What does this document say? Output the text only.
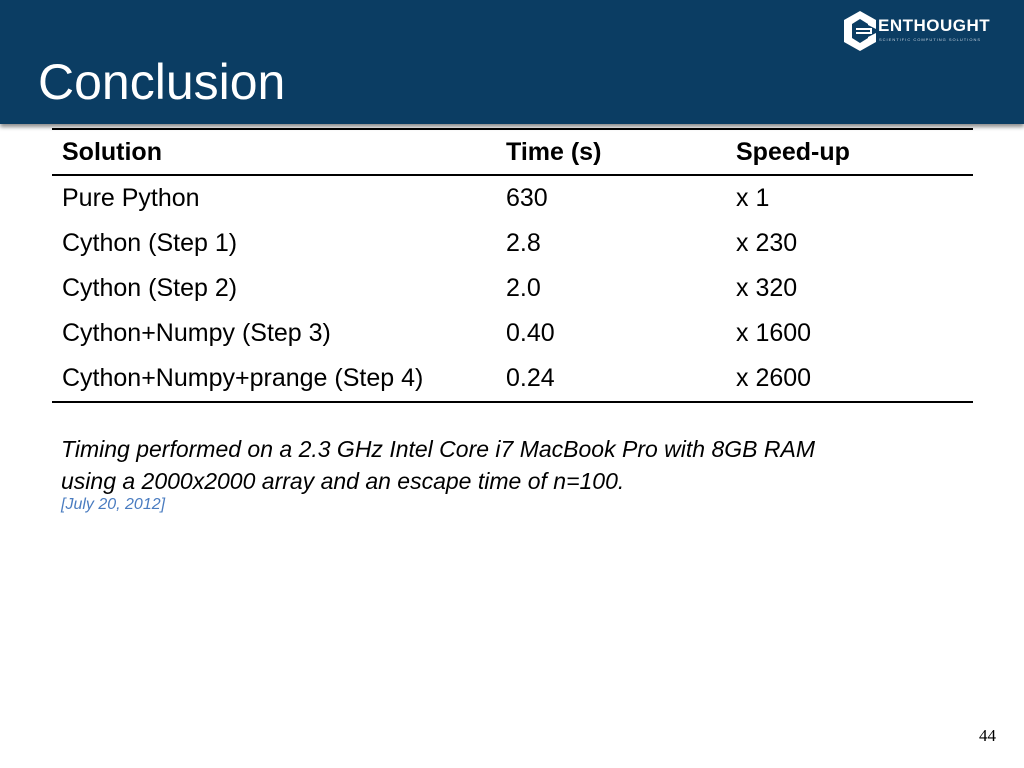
Conclusion
ENTHOUGHT
SCIENTIFIC COMPUTING SOLUTIONS
Solution	Time (s)	Speed-up
Pure Python	630	x 1
Cython (Step 1)	2.8	x 230
Cython (Step 2)	2.0	x 320
Cython+Numpy (Step 3)	0.40	x 1600
Cython+Numpy+prange (Step 4)	0.24	x 2600
Timing performed on a 2.3 GHz Intel Core i7 MacBook Pro with 8GB RAM
using a 2000x2000 array and an escape time of n=100.
[July 20, 2012]
44
